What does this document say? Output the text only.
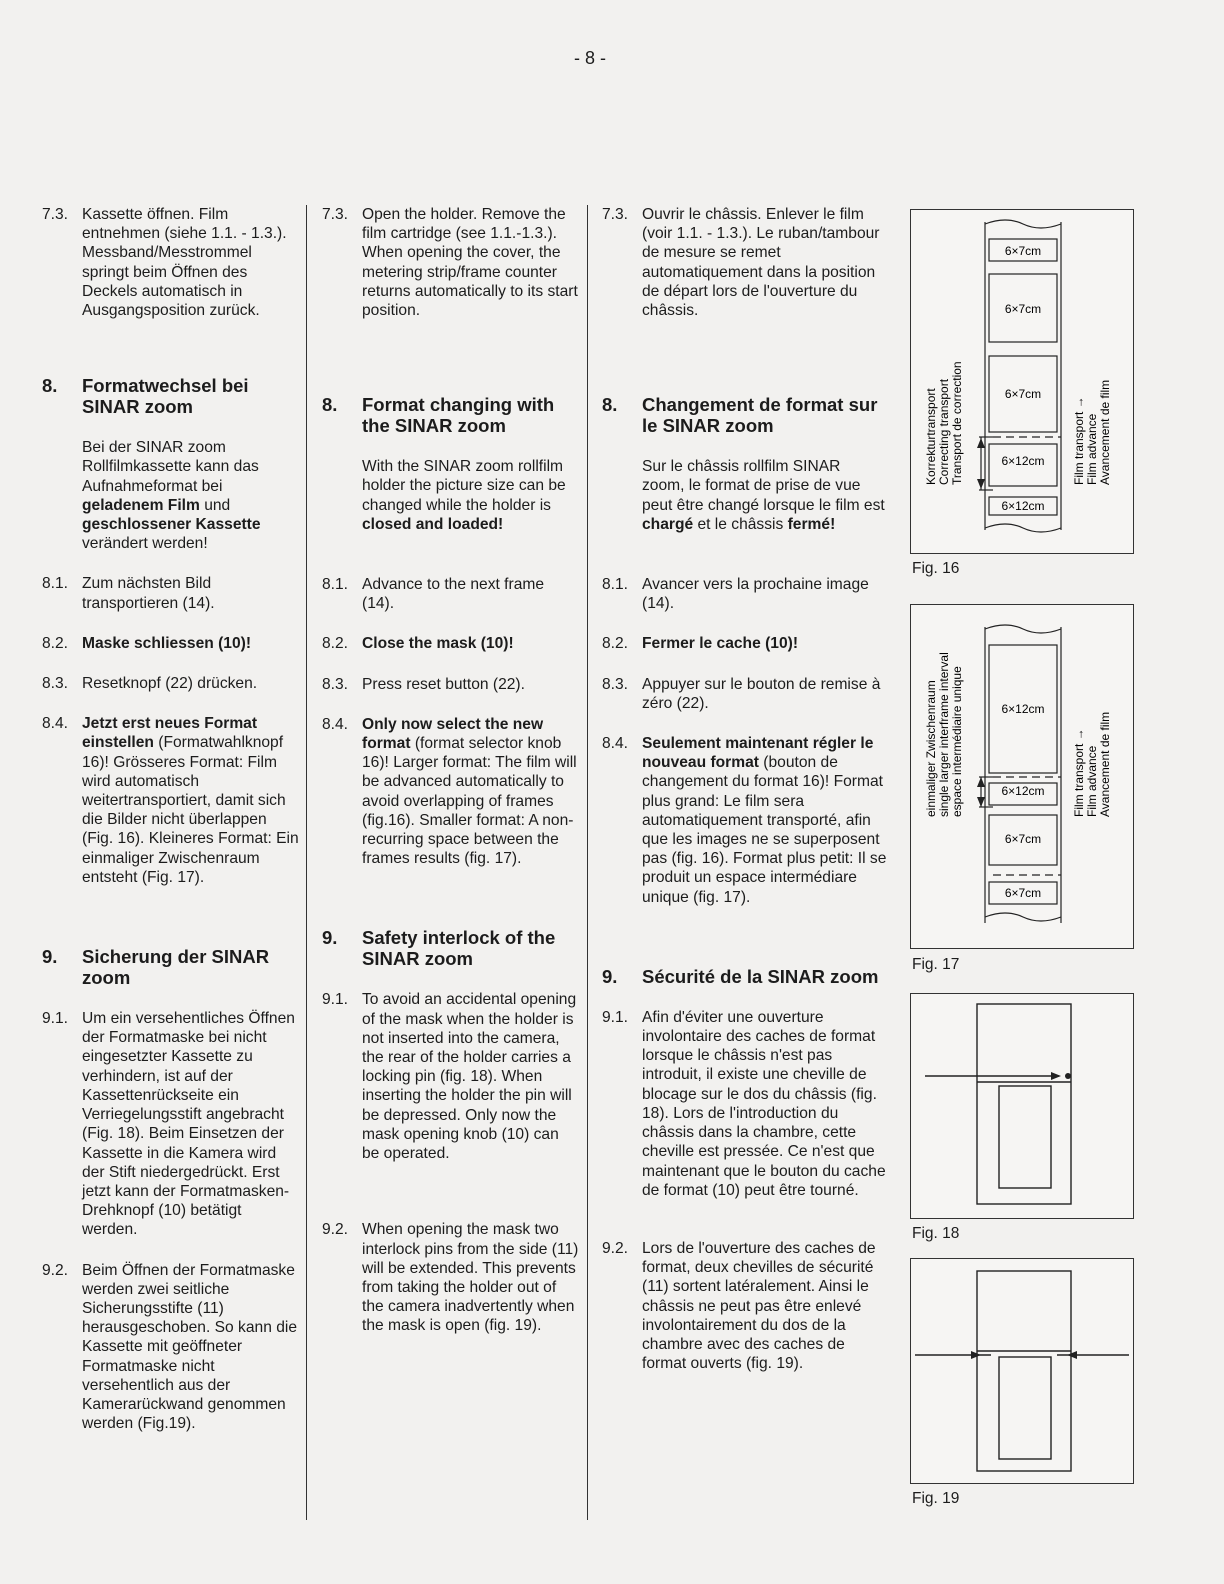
- 8 -
7.3. Kassette öffnen. Film entnehmen (siehe 1.1. - 1.3.). Messband/Messtrommel springt beim Öffnen des Deckels automatisch in Ausgangsposition zurück.
8.	Formatwechsel bei SINAR zoom
Bei der SINAR zoom Rollfilmkassette kann das Aufnahmeformat bei geladenem Film und geschlossener Kassette verändert werden!
8.1. Zum nächsten Bild transportieren (14).
8.2. Maske schliessen (10)!
8.3. Resetknopf (22) drücken.
8.4. Jetzt erst neues Format einstellen (Formatwahlknopf 16)! Grösseres Format: Film wird automatisch weitertransportiert, damit sich die Bilder nicht überlappen (Fig. 16). Kleineres Format: Ein einmaliger Zwischenraum entsteht (Fig. 17).
9.	Sicherung der SINAR zoom
9.1. Um ein versehentliches Öffnen der Formatmaske bei nicht eingesetzter Kassette zu verhindern, ist auf der Kassettenrückseite ein Verriegelungsstift angebracht (Fig. 18). Beim Einsetzen der Kassette in die Kamera wird der Stift niedergedrückt. Erst jetzt kann der Formatmasken-Drehknopf (10) betätigt werden.
9.2. Beim Öffnen der Formatmaske werden zwei seitliche Sicherungsstifte (11) herausgeschoben. So kann die Kassette mit geöffneter Formatmaske nicht versehentlich aus der Kamerarückwand genommen werden (Fig.19).
7.3. Open the holder. Remove the film cartridge (see 1.1.-1.3.). When opening the cover, the metering strip/frame counter returns automatically to its start position.
8.	Format changing with the SINAR zoom
With the SINAR zoom rollfilm holder the picture size can be changed while the holder is closed and loaded!
8.1. Advance to the next frame (14).
8.2. Close the mask (10)!
8.3. Press reset button (22).
8.4. Only now select the new format (format selector knob 16)! Larger format: The film will be advanced automatically to avoid overlapping of frames (fig.16). Smaller format: A non-recurring space between the frames results (fig. 17).
9.	Safety interlock of the SINAR zoom
9.1. To avoid an accidental opening of the mask when the holder is not inserted into the camera, the rear of the holder carries a locking pin (fig. 18). When inserting the holder the pin will be depressed. Only now the mask opening knob (10) can be operated.
9.2. When opening the mask two interlock pins from the side (11) will be extended. This prevents from taking the holder out of the camera inadvertently when the mask is open (fig. 19).
7.3. Ouvrir le châssis. Enlever le film (voir 1.1. - 1.3.). Le ruban/tambour de mesure se remet automatiquement dans la position de départ lors de l'ouverture du châssis.
8.	Changement de format sur le SINAR zoom
Sur le châssis rollfilm SINAR zoom, le format de prise de vue peut être changé lorsque le film est chargé et le châssis fermé!
8.1. Avancer vers la prochaine image (14).
8.2. Fermer le cache (10)!
8.3. Appuyer sur le bouton de remise à zéro (22).
8.4. Seulement maintenant régler le nouveau format (bouton de changement du format 16)! Format plus grand: Le film sera automatiquement transporté, afin que les images ne se superposent pas (fig. 16). Format plus petit: Il se produit un espace intermédiare unique (fig. 17).
9.	Sécurité de la SINAR zoom
9.1. Afin d'éviter une ouverture involontaire des caches de format lorsque le châssis n'est pas introduit, il existe une cheville de blocage sur le dos du châssis (fig. 18). Lors de l'introduction du châssis dans la chambre, cette cheville est pressée. Ce n'est que maintenant que le bouton du cache de format (10) peut être tourné.
9.2. Lors de l'ouverture des caches de format, deux chevilles de sécurité (11) sortent latéralement. Ainsi le châssis ne peut pas être enlevé involontairement du dos de la chambre avec des caches de format ouverts (fig. 19).
6×7cm
6×7cm
6×7cm
6×12cm
6×12cm
Korrekturtransport Correcting transport Transport de correction	Film transport → Film advance Avancement de film
Fig. 16
6×12cm
6×12cm
6×7cm
6×7cm
einmaliger Zwischenraum single larger interframe interval espace intermédiaire unique	Film transport → Film advance Avancement de film
Fig. 17
Fig. 18
Fig. 19
